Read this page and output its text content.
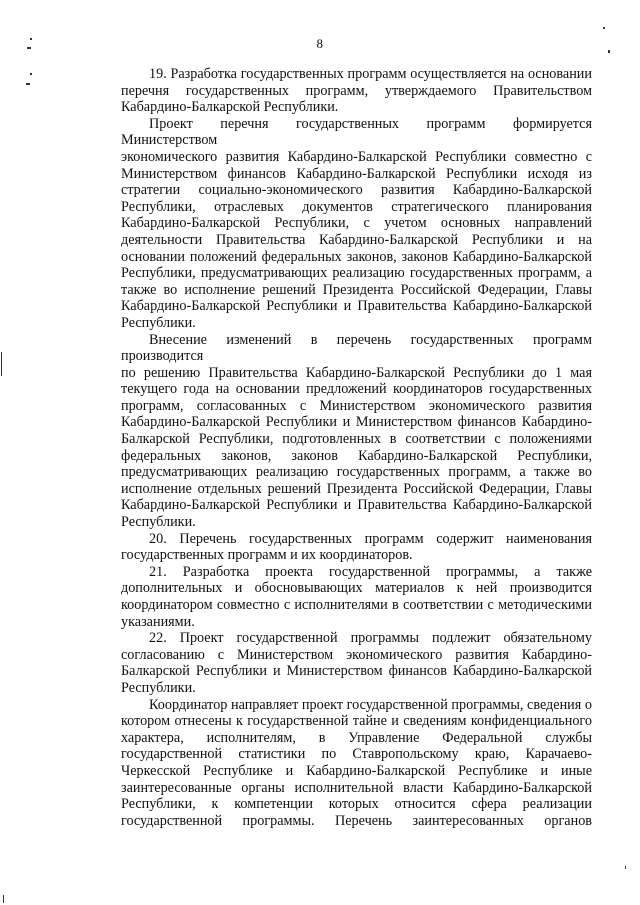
8
19. Разработка государственных программ осуществляется на основании
перечня государственных программ, утверждаемого Правительством
Кабардино-Балкарской Республики.
Проект перечня государственных программ формируется Министерством
экономического развития Кабардино-Балкарской Республики совместно с
Министерством финансов Кабардино-Балкарской Республики исходя из
стратегии социально-экономического развития Кабардино-Балкарской
Республики, отраслевых документов стратегического планирования
Кабардино-Балкарской Республики, с учетом основных направлений
деятельности Правительства Кабардино-Балкарской Республики и на
основании положений федеральных законов, законов Кабардино-Балкарской
Республики, предусматривающих реализацию государственных программ, а
также во исполнение решений Президента Российской Федерации, Главы
Кабардино-Балкарской Республики и Правительства Кабардино-Балкарской
Республики.
Внесение изменений в перечень государственных программ производится
по решению Правительства Кабардино-Балкарской Республики до 1 мая
текущего года на основании предложений координаторов государственных
программ, согласованных с Министерством экономического развития
Кабардино-Балкарской Республики и Министерством финансов Кабардино-
Балкарской Республики, подготовленных в соответствии с положениями
федеральных законов, законов Кабардино-Балкарской Республики,
предусматривающих реализацию государственных программ, а также во
исполнение отдельных решений Президента Российской Федерации, Главы
Кабардино-Балкарской Республики и Правительства Кабардино-Балкарской
Республики.
20. Перечень государственных программ содержит наименования
государственных программ и их координаторов.
21. Разработка проекта государственной программы, а также
дополнительных и обосновывающих материалов к ней производится
координатором совместно с исполнителями в соответствии с методическими
указаниями.
22. Проект государственной программы подлежит обязательному
согласованию с Министерством экономического развития Кабардино-
Балкарской Республики и Министерством финансов Кабардино-Балкарской
Республики.
Координатор направляет проект государственной программы, сведения о
котором отнесены к государственной тайне и сведениям конфиденциального
характера, исполнителям, в Управление Федеральной службы
государственной статистики по Ставропольскому краю, Карачаево-
Черкесской Республике и Кабардино-Балкарской Республике и иные
заинтересованные органы исполнительной власти Кабардино-Балкарской
Республики, к компетенции которых относится сфера реализации
государственной программы. Перечень заинтересованных органов
